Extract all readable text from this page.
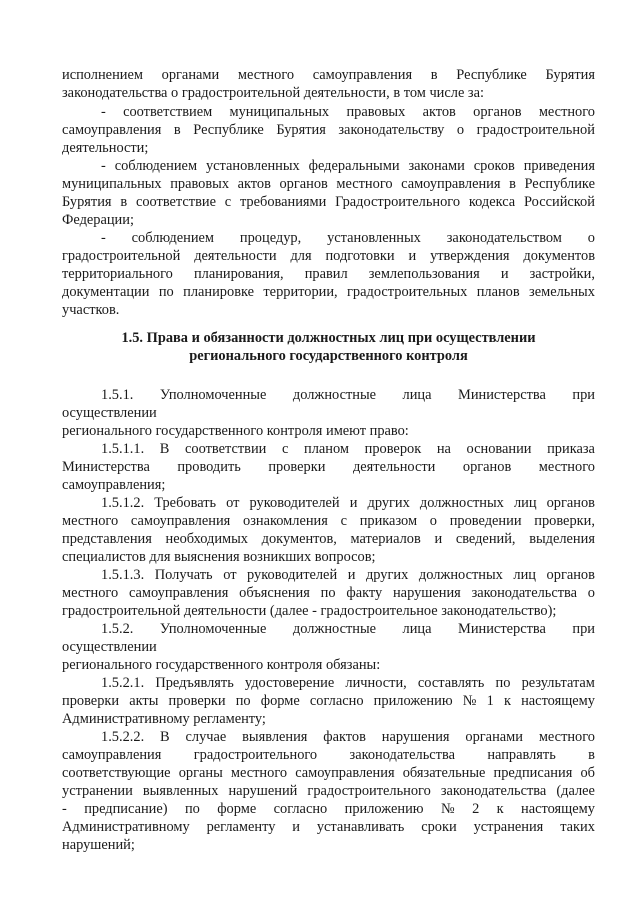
исполнением органами местного самоуправления в Республике Бурятия
законодательства о градостроительной деятельности, в том числе за:
- соответствием муниципальных правовых актов органов местного
самоуправления в Республике Бурятия законодательству о градостроительной
деятельности;
- соблюдением установленных федеральными законами сроков приведения
муниципальных правовых актов органов местного самоуправления в Республике
Бурятия в соответствие с требованиями Градостроительного кодекса Российской
Федерации;
- соблюдением процедур, установленных законодательством о
градостроительной деятельности для подготовки и утверждения документов
территориального планирования, правил землепользования и застройки,
документации по планировке территории, градостроительных планов земельных
участков.
1.5. Права и обязанности должностных лиц при осуществлении
регионального государственного контроля
1.5.1. Уполномоченные должностные лица Министерства при
осуществлении
регионального государственного контроля имеют право:
1.5.1.1. В соответствии с планом проверок на основании приказа
Министерства проводить проверки деятельности органов местного
самоуправления;
1.5.1.2. Требовать от руководителей и других должностных лиц органов
местного самоуправления ознакомления с приказом о проведении проверки,
представления необходимых документов, материалов и сведений, выделения
специалистов для выяснения возникших вопросов;
1.5.1.3. Получать от руководителей и других должностных лиц органов
местного самоуправления объяснения по факту нарушения законодательства о
градостроительной деятельности (далее - градостроительное законодательство);
1.5.2. Уполномоченные должностные лица Министерства при
осуществлении
регионального государственного контроля обязаны:
1.5.2.1. Предъявлять удостоверение личности, составлять по результатам
проверки акты проверки по форме согласно приложению № 1 к настоящему
Административному регламенту;
1.5.2.2. В случае выявления фактов нарушения органами местного
самоуправления градостроительного законодательства направлять в
соответствующие органы местного самоуправления обязательные предписания об
устранении выявленных нарушений градостроительного законодательства (далее
- предписание) по форме согласно приложению № 2 к настоящему
Административному регламенту и устанавливать сроки устранения таких
нарушений;
